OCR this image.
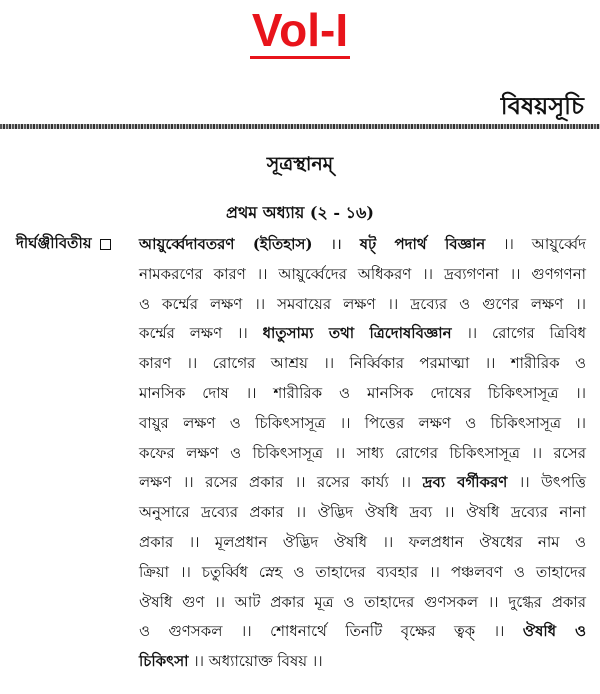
Vol-I
বিষয়সূচি
সূত্রস্থানম্
প্রথম অধ্যায় (২ - ১৬)
দীর্ঘঞ্জীবিতীয়	আয়ুর্ব্বেদাবতরণ (ইতিহাস) ।। ষট্ পদার্থ বিজ্ঞান ।। আয়ুর্ব্বেদ
নামকরণের কারণ ।। আয়ুর্ব্বেদের অধিকরণ ।। দ্রব্যগণনা ।। গুণগণনা
ও কর্ম্মের লক্ষণ ।। সমবায়ের লক্ষণ ।। দ্রব্যের ও গুণের লক্ষণ ।।
কর্ম্মের লক্ষণ ।। ধাতুসাম্য তথা ত্রিদোষবিজ্ঞান ।। রোগের ত্রিবিধ
কারণ ।। রোগের আশ্রয় ।। নির্ব্বিকার পরমাত্মা ।। শারীরিক ও
মানসিক দোষ ।। শারীরিক ও মানসিক দোষের চিকিৎসাসূত্র ।।
বায়ুর লক্ষণ ও চিকিৎসাসূত্র ।। পিত্তের লক্ষণ ও চিকিৎসাসূত্র ।।
কফের লক্ষণ ও চিকিৎসাসূত্র ।। সাধ্য রোগের চিকিৎসাসূত্র ।। রসের
লক্ষণ ।। রসের প্রকার ।। রসের কার্য্য ।। দ্রব্য বর্গীকরণ ।। উৎপত্তি
অনুসারে দ্রব্যের প্রকার ।। ঔদ্ভিদ ঔষধি দ্রব্য ।। ঔষধি দ্রব্যের নানা
প্রকার ।। মূলপ্রধান ঔদ্ভিদ ঔষধি ।। ফলপ্রধান ঔষধের নাম ও
ক্রিয়া ।। চতুর্ব্বিধ স্নেহ ও তাহাদের ব্যবহার ।। পঞ্চলবণ ও তাহাদের
ঔষধি গুণ ।। আট প্রকার মূত্র ও তাহাদের গুণসকল ।। দুগ্ধের প্রকার
ও গুণসকল ।। শোধনার্থে তিনটি বৃক্ষের ত্বক্ ।। ঔষধি ও
চিকিৎসা ।। অধ্যায়োক্ত বিষয় ।।
